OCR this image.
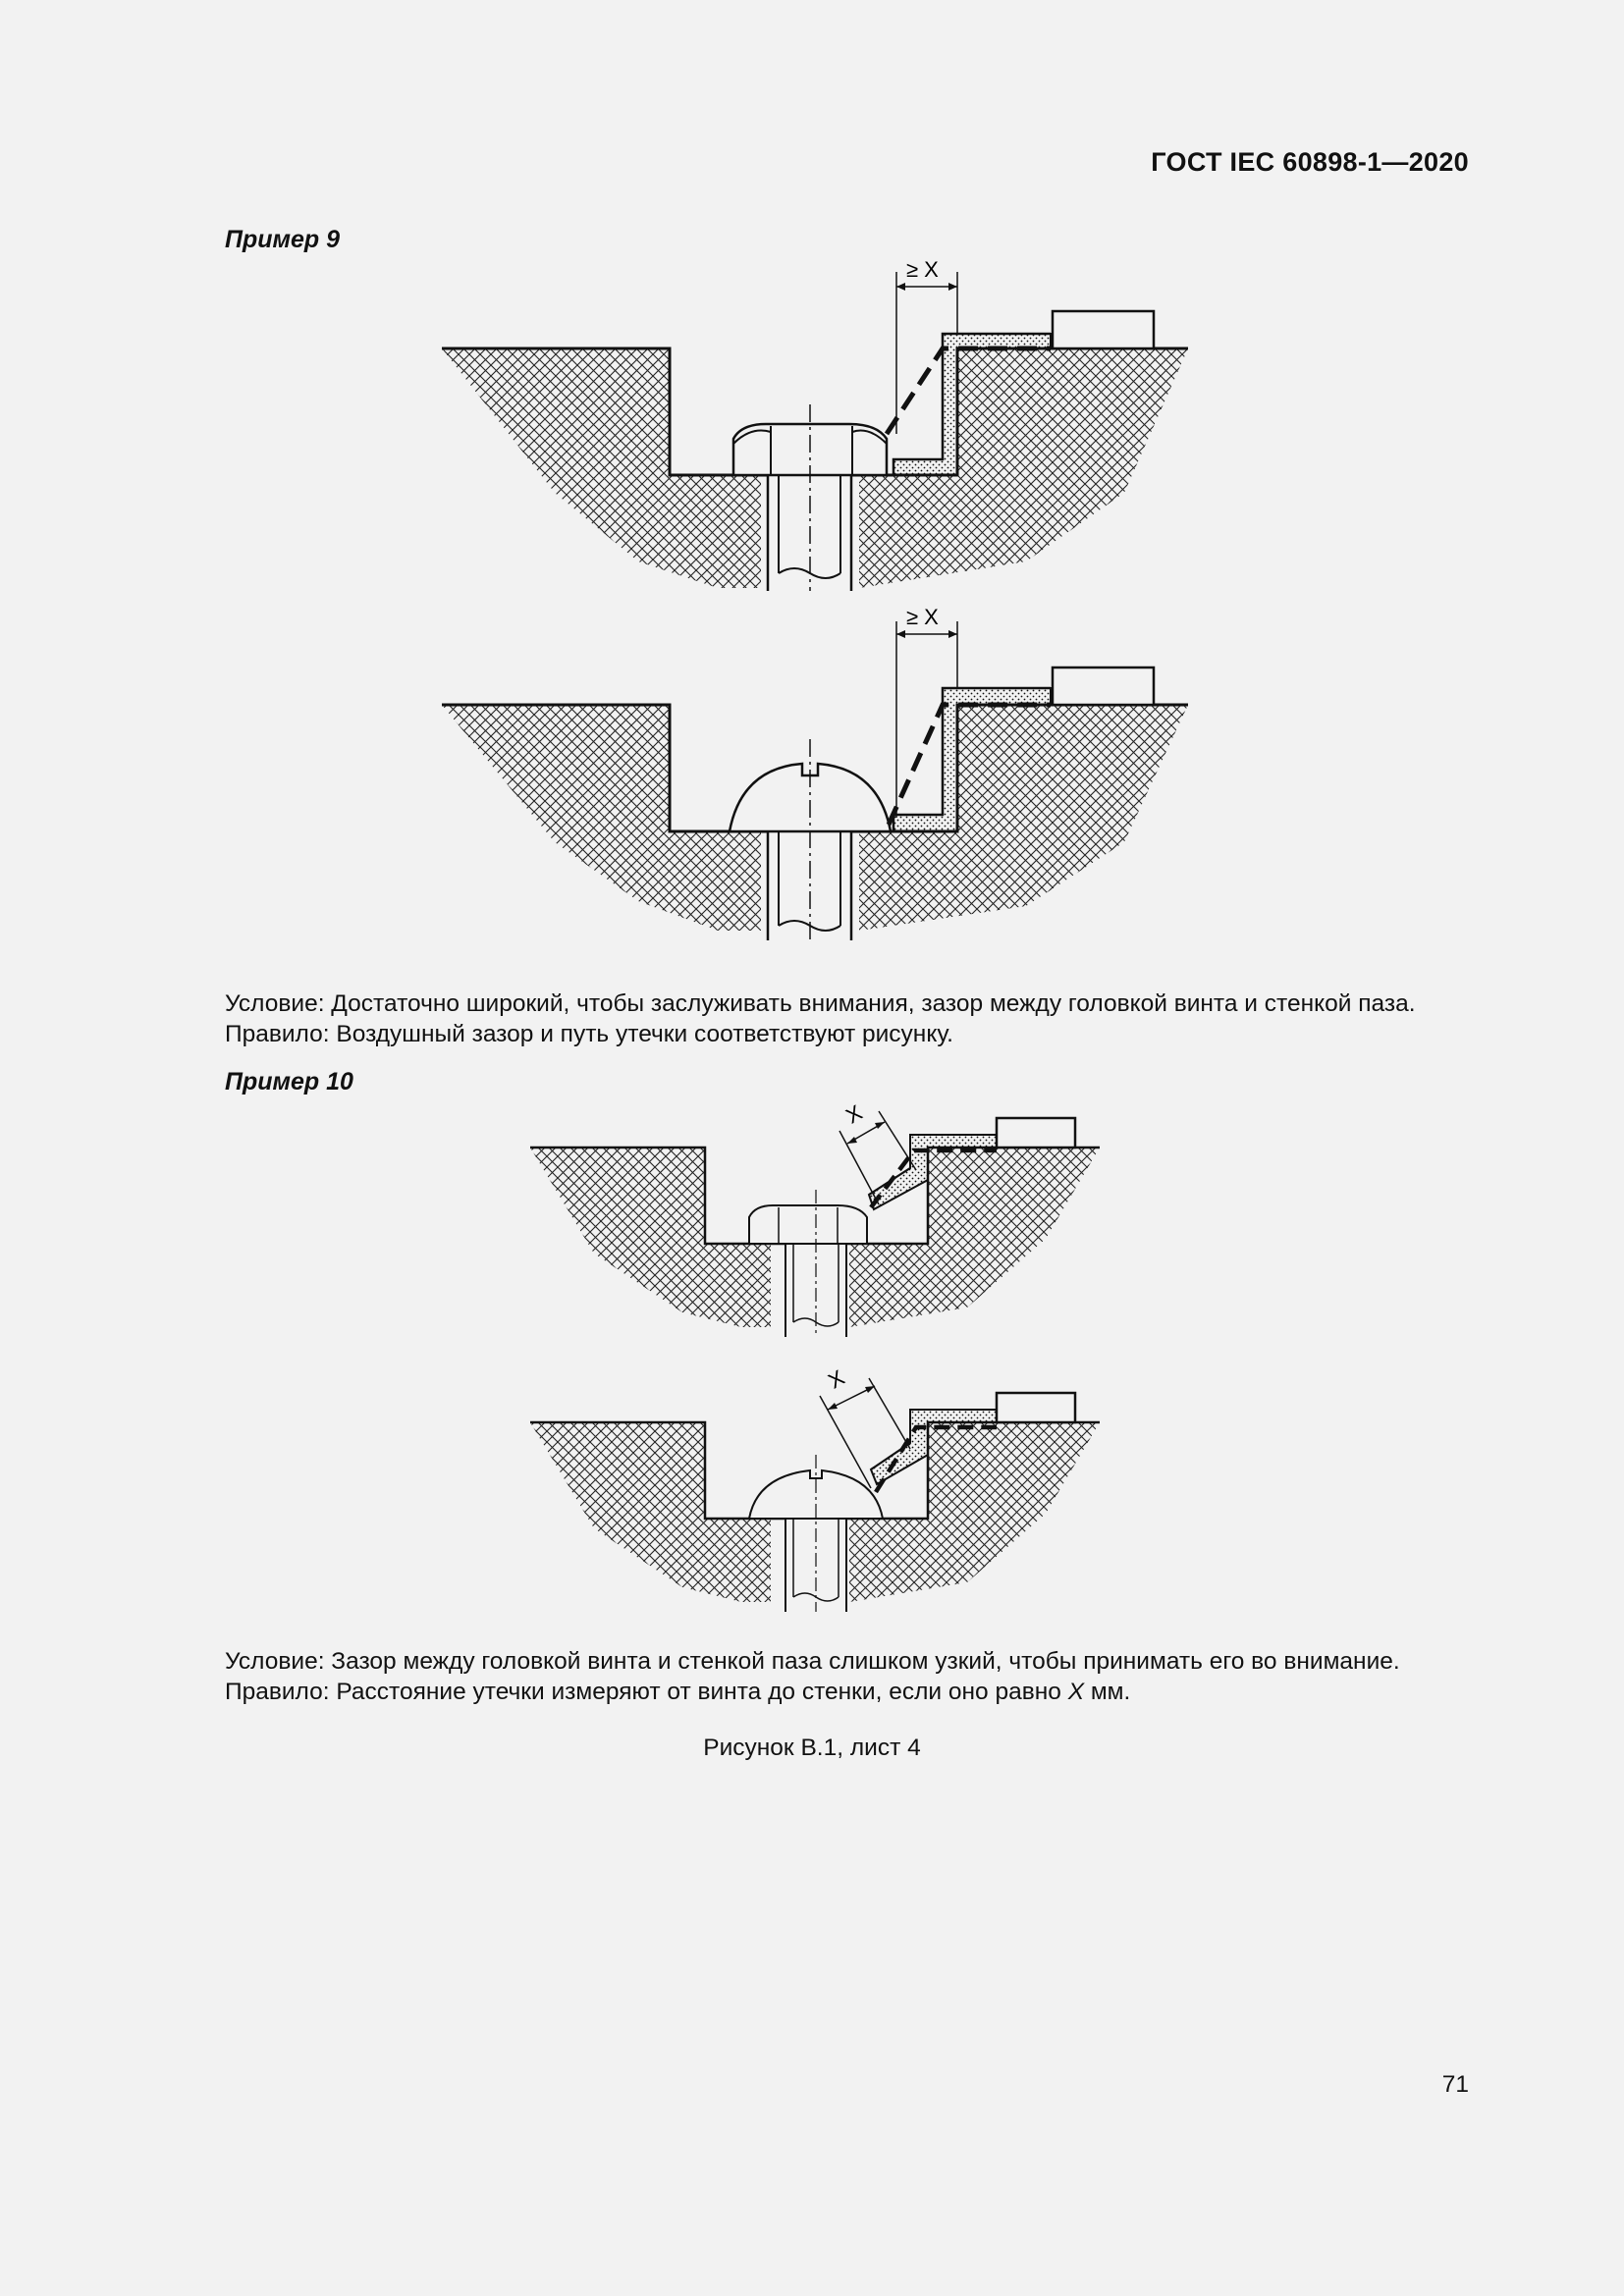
ГОСТ IEC 60898-1—2020
Пример 9
≥ X
≥ X

Условие: Достаточно широкий, чтобы заслуживать внимания, зазор между головкой винта и стенкой паза.

Правило: Воздушный зазор и путь утечки соответствуют рисунку.

Пример 10
X
X

Условие: Зазор между головкой винта и стенкой паза слишком узкий, чтобы принимать его во внимание.

Правило: Расстояние утечки измеряют от винта до стенки, если оно равно X мм.

Рисунок В.1, лист 4
71
